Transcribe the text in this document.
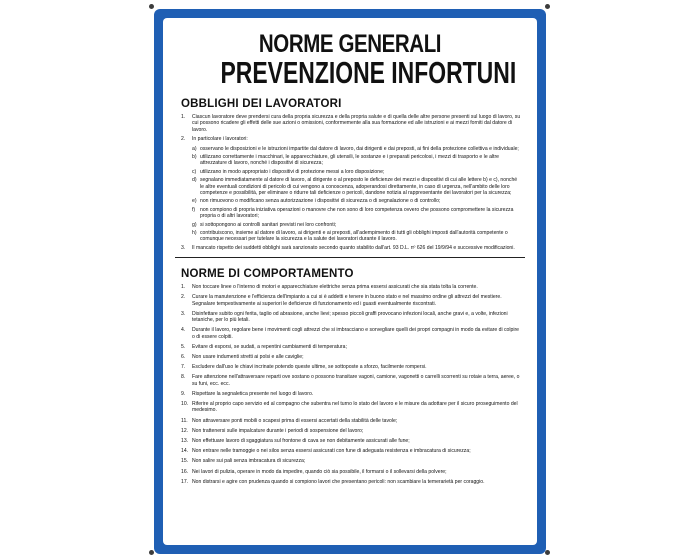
NORME GENERALI
PREVENZIONE INFORTUNI
OBBLIGHI DEI LAVORATORI
1.	Ciascun lavoratore deve prendersi cura della propria sicurezza e della propria salute e di quella delle altre persone presenti sul luogo di lavoro, su cui possono ricadere gli effetti delle sue azioni o omissioni, conformemente alla sua formazione ed alle istruzioni e ai mezzi forniti dal datore di lavoro.
2.	In particolare i lavoratori:
a) osservano le disposizioni e le istruzioni impartite dal datore di lavoro, dai dirigenti e dai preposti, ai fini della protezione collettiva e individuale;
b) utilizzano correttamente i macchinari, le apparecchiature, gli utensili, le sostanze e i preparati pericolosi, i mezzi di trasporto e le altre attrezzature di lavoro, nonché i dispositivi di sicurezza;
c) utilizzano in modo appropriato i dispositivi di protezione messi a loro disposizione;
d) segnalano immediatamente al datore di lavoro, al dirigente o al preposto le deficienze dei mezzi e dispositivi di cui alle lettere b) e c), nonché le altre eventuali condizioni di pericolo di cui vengono a conoscenza, adoperandosi direttamente, in caso di urgenza, nell'ambito delle loro competenze e possibilità, per eliminare o ridurre tali deficienze o pericoli, dandone notizia al rappresentante dei lavoratori per la sicurezza;
e) non rimuovono o modificano senza autorizzazione i dispositivi di sicurezza o di segnalazione o di controllo;
f) non compiono di propria iniziativa operazioni o manovre che non sono di loro competenza ovvero che possono compromettere la sicurezza propria o di altri lavoratori;
g) si sottopongono ai controlli sanitari previsti nei loro confronti;
h) contribuiscono, insieme al datore di lavoro, ai dirigenti e ai preposti, all'adempimento di tutti gli obblighi imposti dall'autorità competente o comunque necessari per tutelare la sicurezza e la salute dei lavoratori durante il lavoro.
3.	Il mancato rispetto dei suddetti obblighi sarà sanzionato secondo quanto stabilito dall'art. 93 D.L. nº 626 del 19/9/94 e successive modificazioni.
NORME DI COMPORTAMENTO
1.	Non toccare linee o l'interno di motori e apparecchiature elettriche senza prima essersi assicurati che sia stata tolta la corrente.
2.	Curare la manutenzione e l'efficienza dell'impianto a cui si è addetti e tenere in buono stato e nel massimo ordine gli attrezzi del mestiere. Segnalare tempestivamente ai superiori le deficienze di funzionamento ed i guasti eventualmente riscontrati.
3.	Disinfettare subito ogni ferita, taglio od abrasione, anche lievi; spesso piccoli graffi provocano infezioni locali, anche gravi e, a volte, infezioni tetaniche, per lo più letali.
4.	Durante il lavoro, regolare bene i movimenti cogli attrezzi che si imbracciano e sorvegliare quelli dei propri compagni in modo da evitare di colpire o di essere colpiti.
5.	Evitare di esporsi, se sudati, a repentini cambiamenti di temperatura;
6.	Non usare indumenti stretti ai polsi e alle caviglie;
7.	Escludere dall'uso le chiavi incrinate potendo queste ultime, se sottoposte a sforzo, facilmente rompersi.
8.	Fare attenzione nell'attraversare reparti ove sostano o possono transitare vagoni, camione, vagonetti o carrelli scorrenti su rotaie a terra, aeree, o su funi, ecc. ecc.
9.	Rispettare la segnaletica presente nel luogo di lavoro.
10. Riferire al proprio capo servizio ed al compagno che subentra nel turno lo stato del lavoro e le misure da adottare per il sicuro proseguimento del medesimo.
11. Non attraversare ponti mobili o scapesi prima di essersi accertati della stabilità delle tavole;
12. Non trattenersi sulle impalcature durante i periodi di sospensione del lavoro;
13. Non effettuare lavoro di sgaggiatura sul frontone di cava se non debitamente assicurati alle fune;
14. Non entrare nelle tramoggie o nei silos senza essersi assicurati con fune di adeguata resistenza e imbracatura di sicurezza;
15. Non salire sui pali senza imbracatura di sicurezza;
16. Nei lavori di pulizia, operare in modo da impedire, quando ciò sia possibile, il formarsi o il sollevarsi della polvere;
17. Non distrarsi e agire con prudenza quando si compiono lavori che presentano pericoli: non scambiare la temerarietà per coraggio.
